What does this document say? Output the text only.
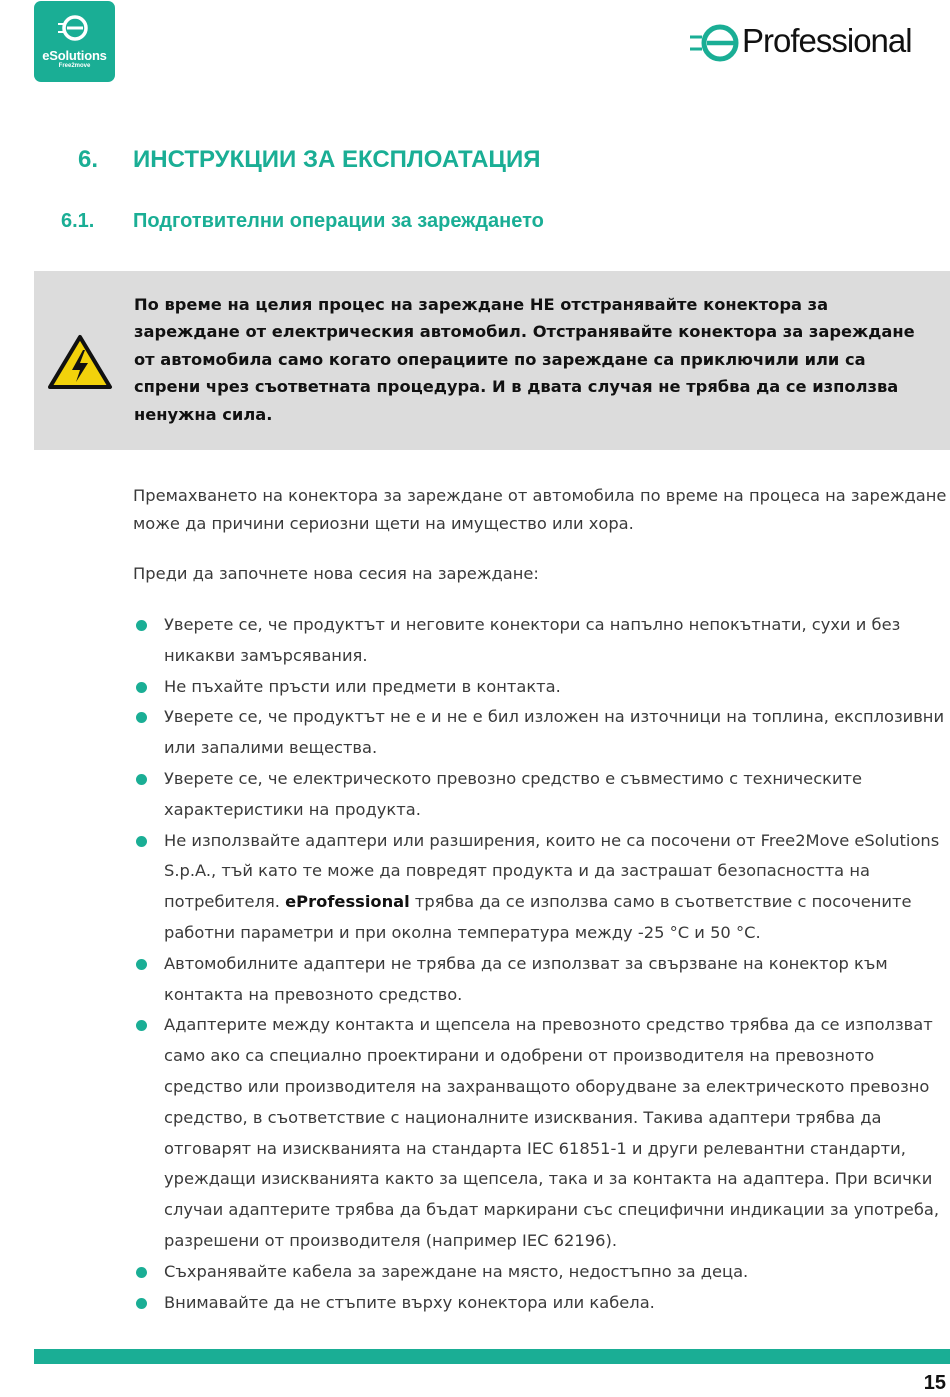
eSolutions
Free2move
Professional
6. ИНСТРУКЦИИ ЗА ЕКСПЛОАТАЦИЯ
6.1. Подготвителни операции за зареждането
По време на целия процес на зареждане НЕ отстранявайте конектора за зареждане от електрическия автомобил. Отстранявайте конектора за зареждане от автомобила само когато операциите по зареждане са приключили или са спрени чрез съответната процедура. И в двата случая не трябва да се използва ненужна сила.
Премахването на конектора за зареждане от автомобила по време на процеса на зареждане може да причини сериозни щети на имущество или хора.
Преди да започнете нова сесия на зареждане:
Уверете се, че продуктът и неговите конектори са напълно непокътнати, сухи и без никакви замърсявания.
Не пъхайте пръсти или предмети в контакта.
Уверете се, че продуктът не е и не е бил изложен на източници на топлина, експлозивни или запалими вещества.
Уверете се, че електрическото превозно средство е съвместимо с техническите характеристики на продукта.
Не използвайте адаптери или разширения, които не са посочени от Free2Move eSolutions S.p.A., тъй като те може да повредят продукта и да застрашат безопасността на потребителя. eProfessional трябва да се използва само в съответствие с посочените работни параметри и при околна температура между -25 °C и 50 °C.
Автомобилните адаптери не трябва да се използват за свързване на конектор към контакта на превозното средство.
Адаптерите между контакта и щепсела на превозното средство трябва да се използват само ако са специално проектирани и одобрени от производителя на превозното средство или производителя на захранващото оборудване за електрическото превозно средство, в съответствие с националните изисквания. Такива адаптери трябва да отговарят на изискванията на стандарта IEC 61851-1 и други релевантни стандарти, уреждащи изискванията както за щепсела, така и за контакта на адаптера. При всички случаи адаптерите трябва да бъдат маркирани със специфични индикации за употреба, разрешени от производителя (например IEC 62196).
Съхранявайте кабела за зареждане на място, недостъпно за деца.
Внимавайте да не стъпите върху конектора или кабела.
15
